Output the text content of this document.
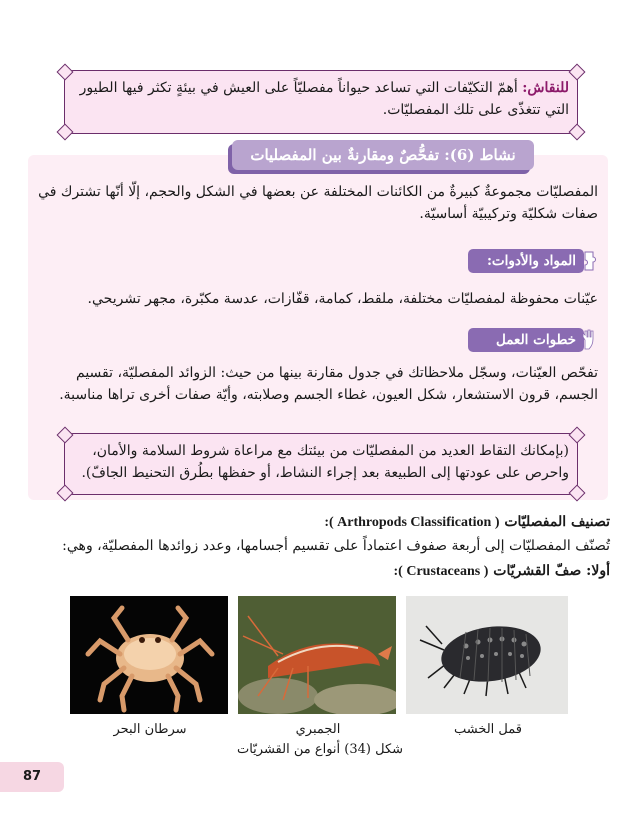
للنقاش: أهمّ التكيّفات التي تساعد حيواناً مفصليّاً على العيش في بيئةٍ تكثر فيها الطيور التي تتغذّى على تلك المفصليّات.
نشاط (6): تفحُّصٌ ومقارنةٌ بين المفصليات
المفصليّات مجموعةٌ كبيرةٌ من الكائنات المختلفة عن بعضها في الشكل والحجم، إلّا أنّها تشترك في صفات شكليّة وتركيبيّة أساسيّة.
المواد والأدوات:
عيّنات محفوظة لمفصليّات مختلفة، ملقط، كمامة، قفّازات، عدسة مكبّرة، مجهر تشريحي.
خطوات العمل
تفحّص العيّنات، وسجّل ملاحظاتك في جدول مقارنة بينها من حيث: الزوائد المفصليّة، تقسيم الجسم، قرون الاستشعار، شكل العيون، غطاء الجسم وصلابته، وأيّة صفات أخرى تراها مناسبة.
(بإمكانك التقاط العديد من المفصليّات من بيئتك مع مراعاة شروط السلامة والأمان، واحرص على عودتها إلى الطبيعة بعد إجراء النشاط، أو حفظها بطُرق التحنيط الجافّ).
تصنيف المفصليّات ( Arthropods Classification ):
تُصنّف المفصليّات إلى أربعة صفوف اعتماداً على تقسيم أجسامها، وعدد زوائدها المفصليّة، وهي:
أولا: صفّ القشريّات ( Crustaceans ):
سرطان البحر	الجمبري	قمل الخشب
شكل (34) أنواع من القشريّات
87
